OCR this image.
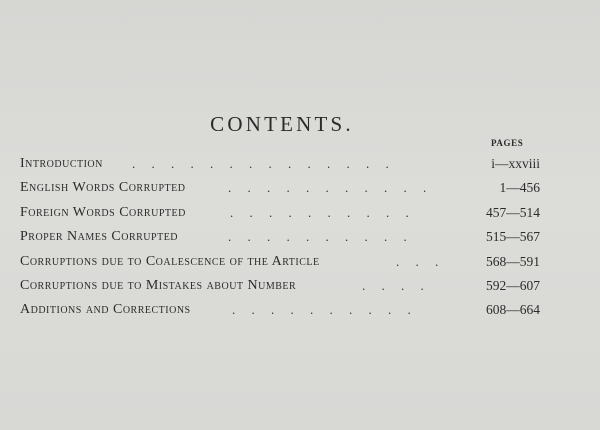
CONTENTS.
PAGES
Introduction .     .     .     .     .     .     .     .     .     .     .     .     .     .	i—xxviii
English Words Corrupted	.     .     .     .     .     .     .     .     .     .     .	1—456
Foreign Words Corrupted	.     .     .     .     .     .     .     .     .     .	457—514
Proper Names Corrupted	.     .     .     .     .     .     .     .     .     .	515—567
Corruptions due to Coalescence of the Article	.     .     .	568—591
Corruptions due to Mistakes about Number	.     .     .     .	592—607
Additions and Corrections	.     .     .     .     .     .     .     .     .     .	608—664
